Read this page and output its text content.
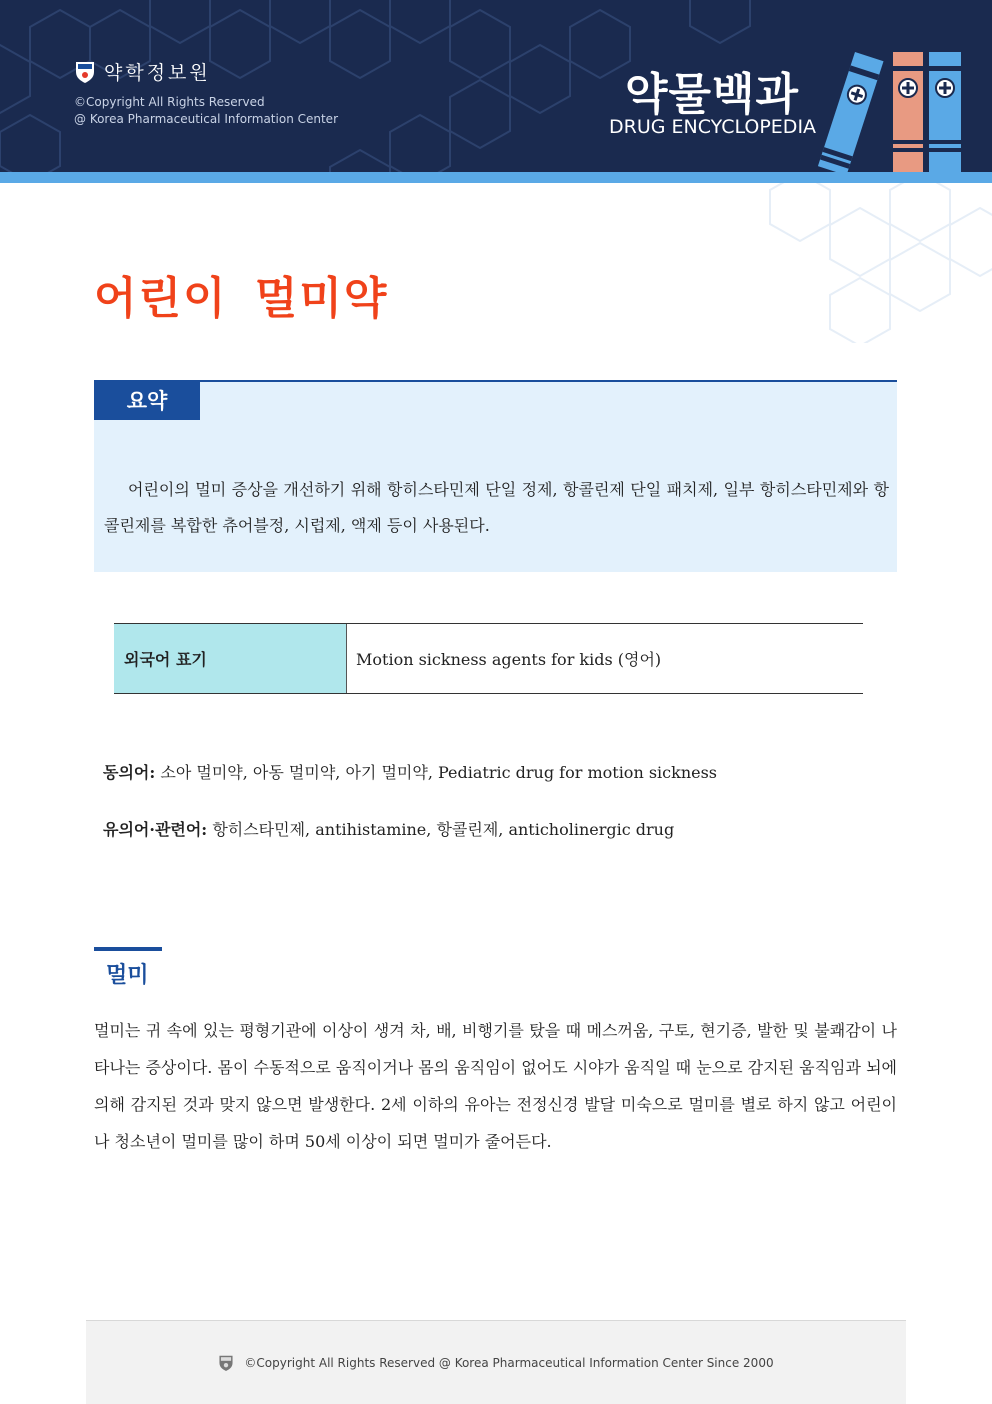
약학정보원
©Copyright All Rights Reserved
@ Korea Pharmaceutical Information Center	약물백과
DRUG ENCYCLOPEDIA
어린이 멀미약
요약
어린이의 멀미 증상을 개선하기 위해 항히스타민제 단일 정제, 항콜린제 단일 패치제, 일부 항히스타민제와 항콜린제를 복합한 츄어블정, 시럽제, 액제 등이 사용된다.
외국어 표기	Motion sickness agents for kids (영어)
동의어: 소아 멀미약, 아동 멀미약, 아기 멀미약, Pediatric drug for motion sickness
유의어·관련어: 항히스타민제, antihistamine, 항콜린제, anticholinergic drug
멀미
멀미는 귀 속에 있는 평형기관에 이상이 생겨 차, 배, 비행기를 탔을 때 메스꺼움, 구토, 현기증, 발한 및 불쾌감이 나타나는 증상이다. 몸이 수동적으로 움직이거나 몸의 움직임이 없어도 시야가 움직일 때 눈으로 감지된 움직임과 뇌에 의해 감지된 것과 맞지 않으면 발생한다. 2세 이하의 유아는 전정신경 발달 미숙으로 멀미를 별로 하지 않고 어린이나 청소년이 멀미를 많이 하며 50세 이상이 되면 멀미가 줄어든다.
©Copyright All Rights Reserved @ Korea Pharmaceutical Information Center Since 2000
